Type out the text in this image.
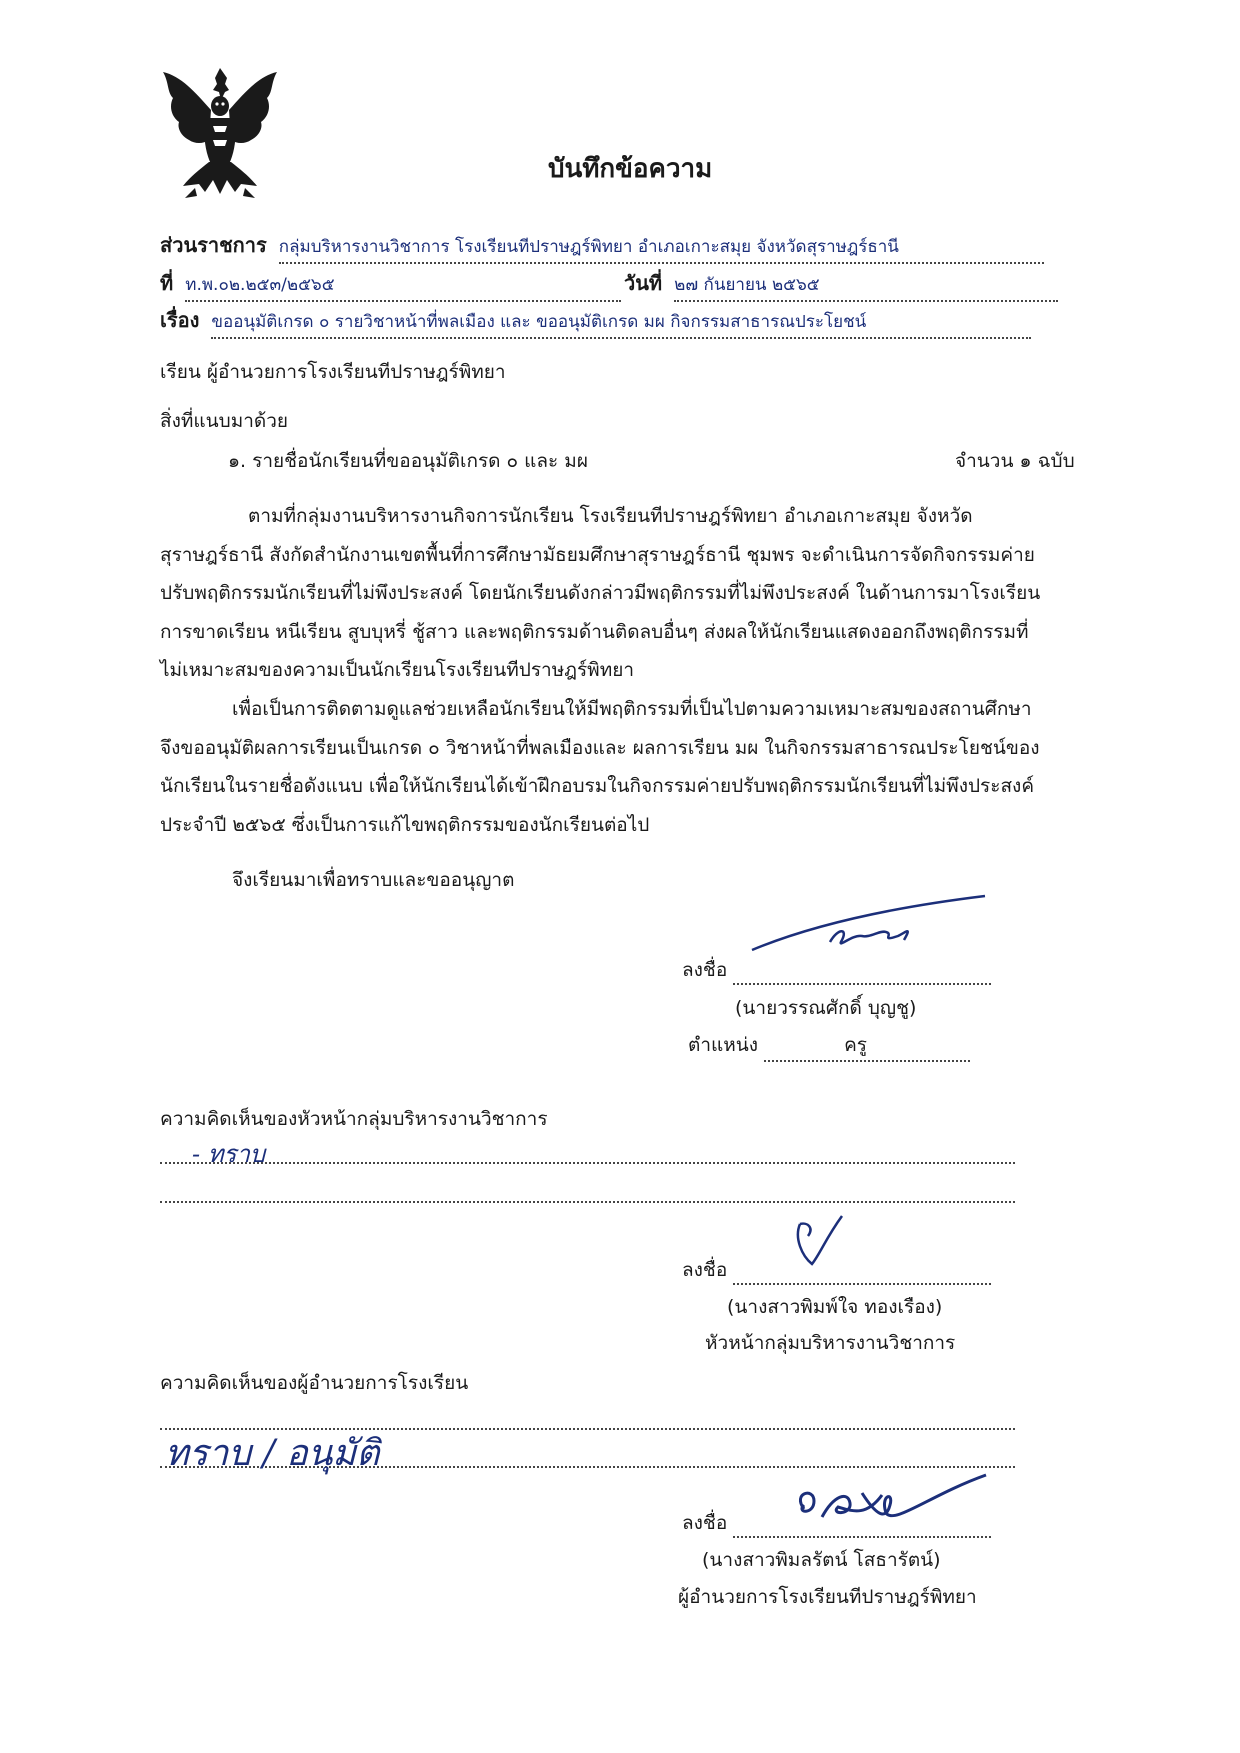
บันทึกข้อความ
ส่วนราชการ กลุ่มบริหารงานวิชาการ โรงเรียนทีปราษฎร์พิทยา อำเภอเกาะสมุย จังหวัดสุราษฎร์ธานี
ที่ ท.พ.๐๒.๒๕๓/๒๕๖๕	วันที่ ๒๗ กันยายน ๒๕๖๕
เรื่อง ขออนุมัติเกรด ๐ รายวิชาหน้าที่พลเมือง และ ขออนุมัติเกรด มผ กิจกรรมสาธารณประโยชน์
เรียน ผู้อำนวยการโรงเรียนทีปราษฎร์พิทยา
สิ่งที่แนบมาด้วย
๑. รายชื่อนักเรียนที่ขออนุมัติเกรด ๐ และ มผ	จำนวน ๑ ฉบับ

ตามที่กลุ่มงานบริหารงานกิจการนักเรียน โรงเรียนทีปราษฎร์พิทยา อำเภอเกาะสมุย จังหวัด

สุราษฎร์ธานี สังกัดสำนักงานเขตพื้นที่การศึกษามัธยมศึกษาสุราษฎร์ธานี ชุมพร จะดำเนินการจัดกิจกรรมค่าย

ปรับพฤติกรรมนักเรียนที่ไม่พึงประสงค์ โดยนักเรียนดังกล่าวมีพฤติกรรมที่ไม่พึงประสงค์ ในด้านการมาโรงเรียน

การขาดเรียน หนีเรียน สูบบุหรี่ ชู้สาว และพฤติกรรมด้านติดลบอื่นๆ ส่งผลให้นักเรียนแสดงออกถึงพฤติกรรมที่

ไม่เหมาะสมของความเป็นนักเรียนโรงเรียนทีปราษฎร์พิทยา

เพื่อเป็นการติดตามดูแลช่วยเหลือนักเรียนให้มีพฤติกรรมที่เป็นไปตามความเหมาะสมของสถานศึกษา

จึงขออนุมัติผลการเรียนเป็นเกรด ๐ วิชาหน้าที่พลเมืองและ ผลการเรียน มผ ในกิจกรรมสาธารณประโยชน์ของ

นักเรียนในรายชื่อดังแนบ เพื่อให้นักเรียนได้เข้าฝึกอบรมในกิจกรรมค่ายปรับพฤติกรรมนักเรียนที่ไม่พึงประสงค์

ประจำปี ๒๕๖๕ ซึ่งเป็นการแก้ไขพฤติกรรมของนักเรียนต่อไป

จึงเรียนมาเพื่อทราบและขออนุญาต
ลงชื่อ
(นายวรรณศักดิ์ บุญชู)
ตำแหน่ง	ครู
ความคิดเห็นของหัวหน้ากลุ่มบริหารงานวิชาการ
- ทราบ
ลงชื่อ
(นางสาวพิมพ์ใจ ทองเรือง)
หัวหน้ากลุ่มบริหารงานวิชาการ
ความคิดเห็นของผู้อำนวยการโรงเรียน
ทราบ / อนุมัติ
ลงชื่อ
(นางสาวพิมลรัตน์ โสธารัตน์)
ผู้อำนวยการโรงเรียนทีปราษฎร์พิทยา
